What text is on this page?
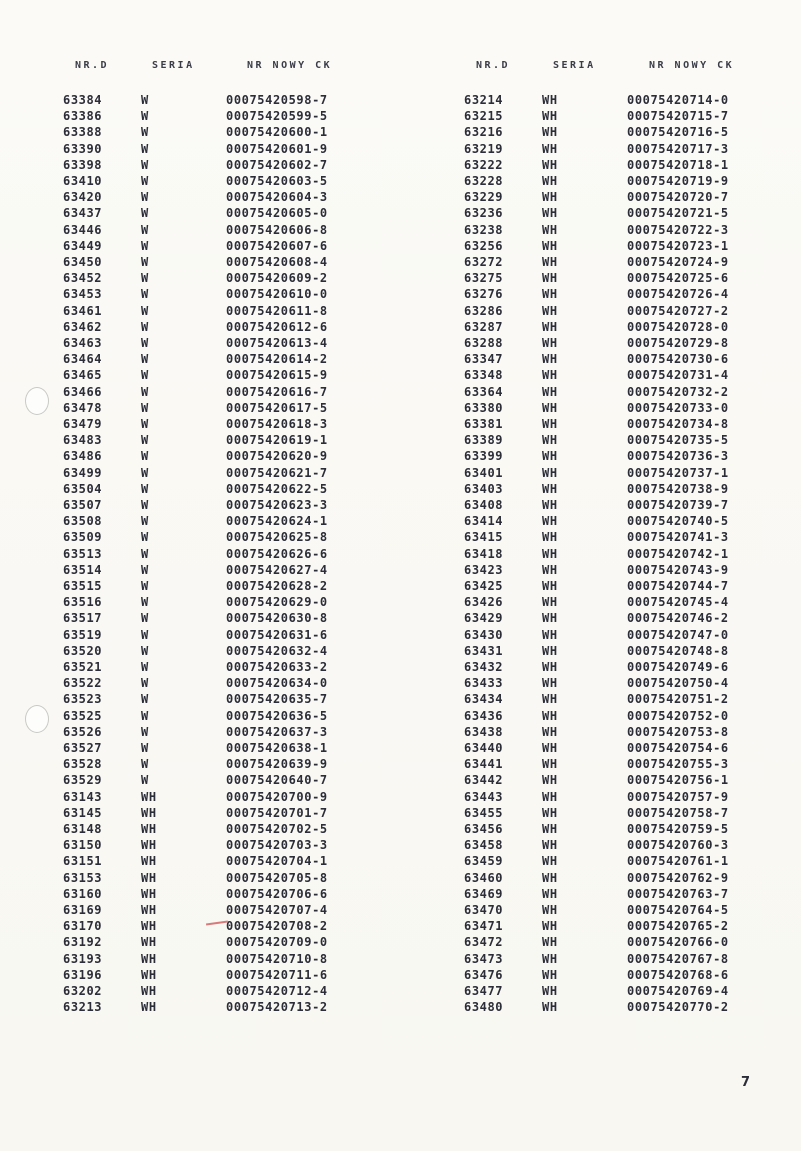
NR.D	SERIA	NR NOWY CK	NR.D	SERIA	NR NOWY CK
63384	W	00075420598-7
63386	W	00075420599-5
63388	W	00075420600-1
63390	W	00075420601-9
63398	W	00075420602-7
63410	W	00075420603-5
63420	W	00075420604-3
63437	W	00075420605-0
63446	W	00075420606-8
63449	W	00075420607-6
63450	W	00075420608-4
63452	W	00075420609-2
63453	W	00075420610-0
63461	W	00075420611-8
63462	W	00075420612-6
63463	W	00075420613-4
63464	W	00075420614-2
63465	W	00075420615-9
63466	W	00075420616-7
63478	W	00075420617-5
63479	W	00075420618-3
63483	W	00075420619-1
63486	W	00075420620-9
63499	W	00075420621-7
63504	W	00075420622-5
63507	W	00075420623-3
63508	W	00075420624-1
63509	W	00075420625-8
63513	W	00075420626-6
63514	W	00075420627-4
63515	W	00075420628-2
63516	W	00075420629-0
63517	W	00075420630-8
63519	W	00075420631-6
63520	W	00075420632-4
63521	W	00075420633-2
63522	W	00075420634-0
63523	W	00075420635-7
63525	W	00075420636-5
63526	W	00075420637-3
63527	W	00075420638-1
63528	W	00075420639-9
63529	W	00075420640-7
63143	WH	00075420700-9
63145	WH	00075420701-7
63148	WH	00075420702-5
63150	WH	00075420703-3
63151	WH	00075420704-1
63153	WH	00075420705-8
63160	WH	00075420706-6
63169	WH	00075420707-4
63170	WH	00075420708-2
63192	WH	00075420709-0
63193	WH	00075420710-8
63196	WH	00075420711-6
63202	WH	00075420712-4
63213	WH	00075420713-2
63214	WH	00075420714-0
63215	WH	00075420715-7
63216	WH	00075420716-5
63219	WH	00075420717-3
63222	WH	00075420718-1
63228	WH	00075420719-9
63229	WH	00075420720-7
63236	WH	00075420721-5
63238	WH	00075420722-3
63256	WH	00075420723-1
63272	WH	00075420724-9
63275	WH	00075420725-6
63276	WH	00075420726-4
63286	WH	00075420727-2
63287	WH	00075420728-0
63288	WH	00075420729-8
63347	WH	00075420730-6
63348	WH	00075420731-4
63364	WH	00075420732-2
63380	WH	00075420733-0
63381	WH	00075420734-8
63389	WH	00075420735-5
63399	WH	00075420736-3
63401	WH	00075420737-1
63403	WH	00075420738-9
63408	WH	00075420739-7
63414	WH	00075420740-5
63415	WH	00075420741-3
63418	WH	00075420742-1
63423	WH	00075420743-9
63425	WH	00075420744-7
63426	WH	00075420745-4
63429	WH	00075420746-2
63430	WH	00075420747-0
63431	WH	00075420748-8
63432	WH	00075420749-6
63433	WH	00075420750-4
63434	WH	00075420751-2
63436	WH	00075420752-0
63438	WH	00075420753-8
63440	WH	00075420754-6
63441	WH	00075420755-3
63442	WH	00075420756-1
63443	WH	00075420757-9
63455	WH	00075420758-7
63456	WH	00075420759-5
63458	WH	00075420760-3
63459	WH	00075420761-1
63460	WH	00075420762-9
63469	WH	00075420763-7
63470	WH	00075420764-5
63471	WH	00075420765-2
63472	WH	00075420766-0
63473	WH	00075420767-8
63476	WH	00075420768-6
63477	WH	00075420769-4
63480	WH	00075420770-2
7
